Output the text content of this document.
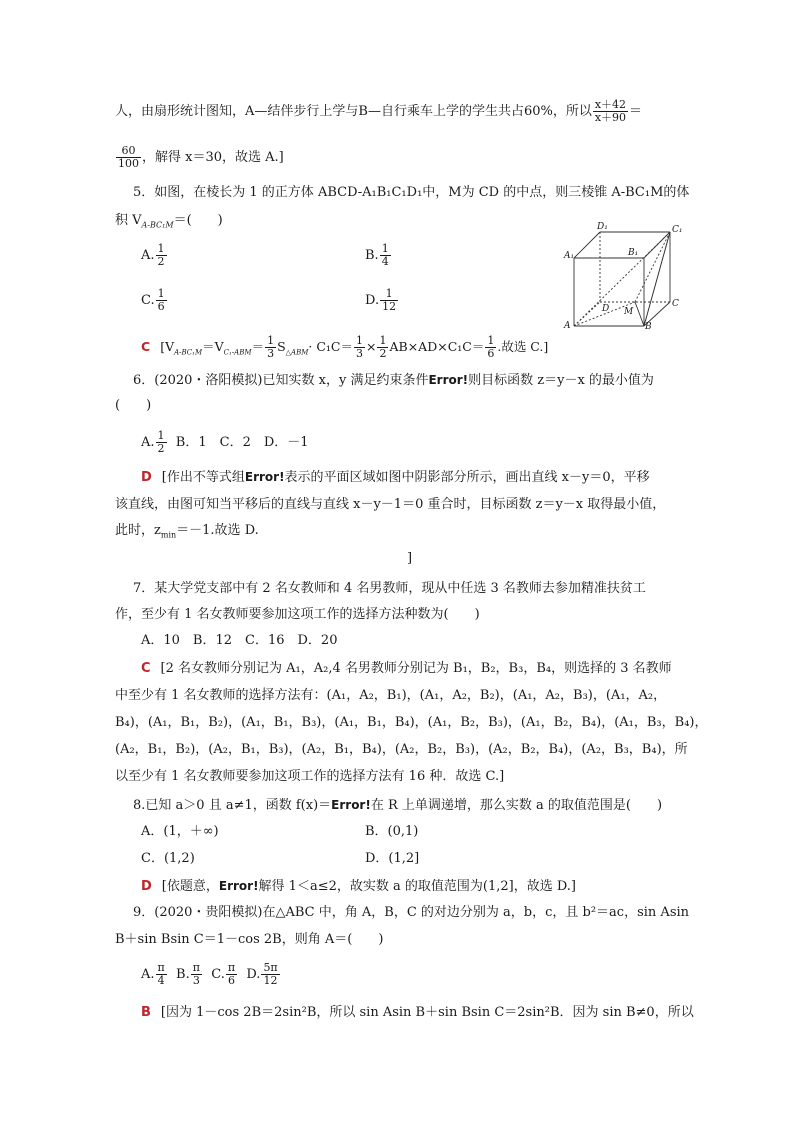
人，由扇形统计图知，A—结伴步行上学与B—自行乘车上学的学生共占60%，所以 $\frac{x+42}{x+90}$ ＝
$\frac{60}{100}$ ，解得 x＝30，故选 A.]
5．如图，在棱长为 1 的正方体 ABCD-A₁B₁C₁D₁中，M为 CD 的中点，则三棱锥 A-BC₁M的体
积 $V_{A-BC_1M}=$(　　)
A. $\frac{1}{2}$	B. $\frac{1}{4}$
C. $\frac{1}{6}$	D. $\frac{1}{12}$
D₁	C₁
A₁	B₁
D	C
M
A	B
C [$V_{A-BC_1M}=V_{C_1-ABM}= \frac{1}{3} S_{\triangle ABM}\cdot C_1C= \frac{1}{3} \times \frac{1}{2} AB\times AD\times C_1C= \frac{1}{6}$ .故选 C.]
6．(2020・洛阳模拟)已知实数 x，y 满足约束条件Error!则目标函数 z＝y－x 的最小值为
(　　)
A. $\frac{1}{2}$ B．1　C．2　D．－1
D [作出不等式组Error!表示的平面区域如图中阴影部分所示，画出直线 x－y＝0，平移
该直线，由图可知当平移后的直线与直线 x－y－1＝0 重合时，目标函数 z＝y－x 取得最小值，
此时，$z_{min}=-1$.故选 D.
]
7．某大学党支部中有 2 名女教师和 4 名男教师，现从中任选 3 名教师去参加精准扶贫工
作，至少有 1 名女教师要参加这项工作的选择方法种数为(　　)
A．10　B．12　C．16　D．20
C [2 名女教师分别记为 A₁，A₂,4 名男教师分别记为 B₁，B₂，B₃，B₄，则选择的 3 名教师
中至少有 1 名女教师的选择方法有：(A₁，A₂，B₁)，(A₁，A₂，B₂)，(A₁，A₂，B₃)，(A₁，A₂，
B₄)，(A₁，B₁，B₂)，(A₁，B₁，B₃)，(A₁，B₁，B₄)，(A₁，B₂，B₃)，(A₁，B₂，B₄)，(A₁，B₃，B₄)，
(A₂，B₁，B₂)，(A₂，B₁，B₃)，(A₂，B₁，B₄)，(A₂，B₂，B₃)，(A₂，B₂，B₄)，(A₂，B₃，B₄)，所
以至少有 1 名女教师要参加这项工作的选择方法有 16 种．故选 C.]
8.已知 a＞0 且 a≠1，函数 f(x)＝Error!在 R 上单调递增，那么实数 a 的取值范围是(　　)
A．(1，＋∞)	B．(0,1)
C．(1,2)	D．(1,2]
D [依题意，Error!解得 1＜a≤2，故实数 a 的取值范围为(1,2]，故选 D.]
9．(2020・贵阳模拟)在△ABC 中，角 A，B，C 的对边分别为 a，b，c，且 b²＝ac，sin Asin
B＋sin Bsin C＝1－cos 2B，则角 A＝(　　)
A. $\frac{\pi}{4} B$. $\frac{\pi}{3} C$. $\frac{\pi}{6} D$. $\frac{5\pi}{12}$
B [因为 1－cos 2B＝2sin²B，所以 sin Asin B＋sin Bsin C＝2sin²B．因为 sin B≠0，所以
